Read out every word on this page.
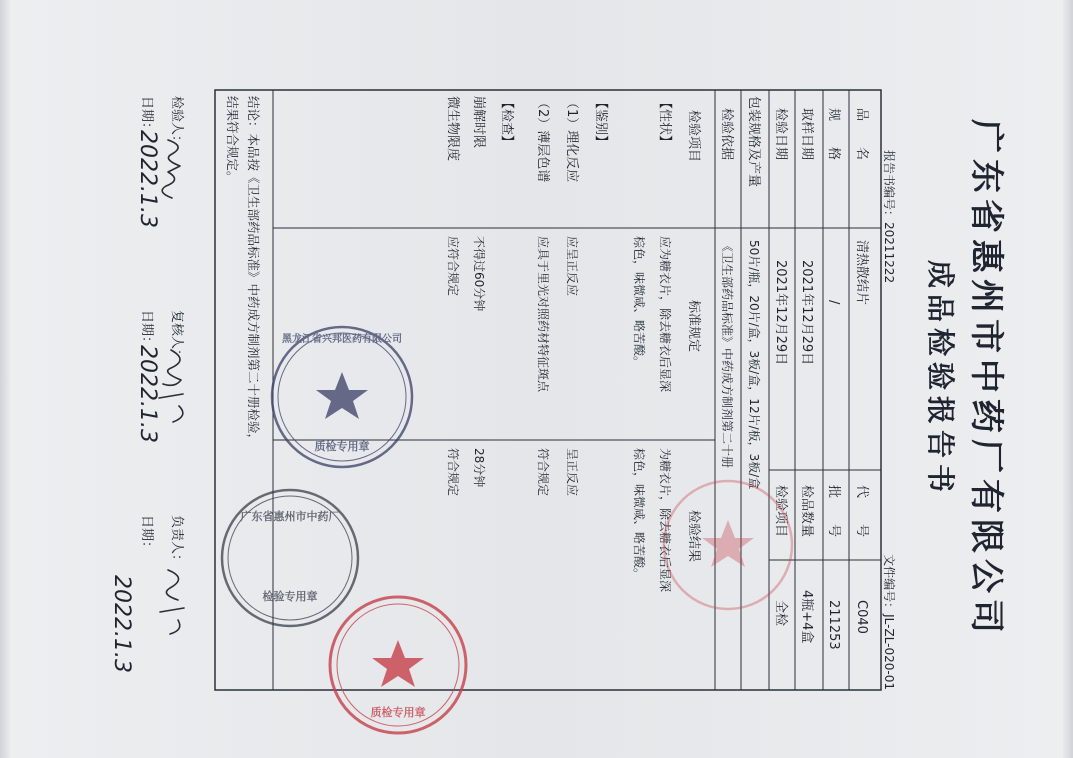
广东省惠州市中药厂有限公司
成品检验报告书
报告书编号：20211222
文件编号：JL-ZL-020-01
品　　名
清热散结片
代　　号
C040
规　　格
/
批　　号
211253
取样日期
2021年12月29日
检品数量
4瓶+4盒
检验日期
2021年12月29日
检验项目
全检
包装规格及产量
50片/瓶，20片/盒，3板/盒，12片/板，3板/盒
检验依据
《卫生部药品标准》中药成方制剂第二十册
检验项目
标准规定
检验结果
【性状】
应为糖衣片，除去糖衣后显深
为糖衣片，除去糖衣后显深
棕色，味微咸、略苦酸。
棕色，味微咸、略苦酸。
【鉴别】
（1）理化反应
应呈正反应
呈正反应
（2）薄层色谱
应具于里光对照药材特征斑点
符合规定
【检查】
崩解时限
不得过60分钟
28分钟
微生物限度
应符合规定
符合规定
结论：本品按《卫生部药品标准》中药成方制剂第二十册检验，
结果符合规定。
检验人：
日期：
2022.1.3
复核人：
日期：
2022.1.3
负责人：
日期：
2022.1.3
质检专用章
黑龙江省兴邦医药有限公司
广东省惠州市中药厂
检验专用章
质检专用章
